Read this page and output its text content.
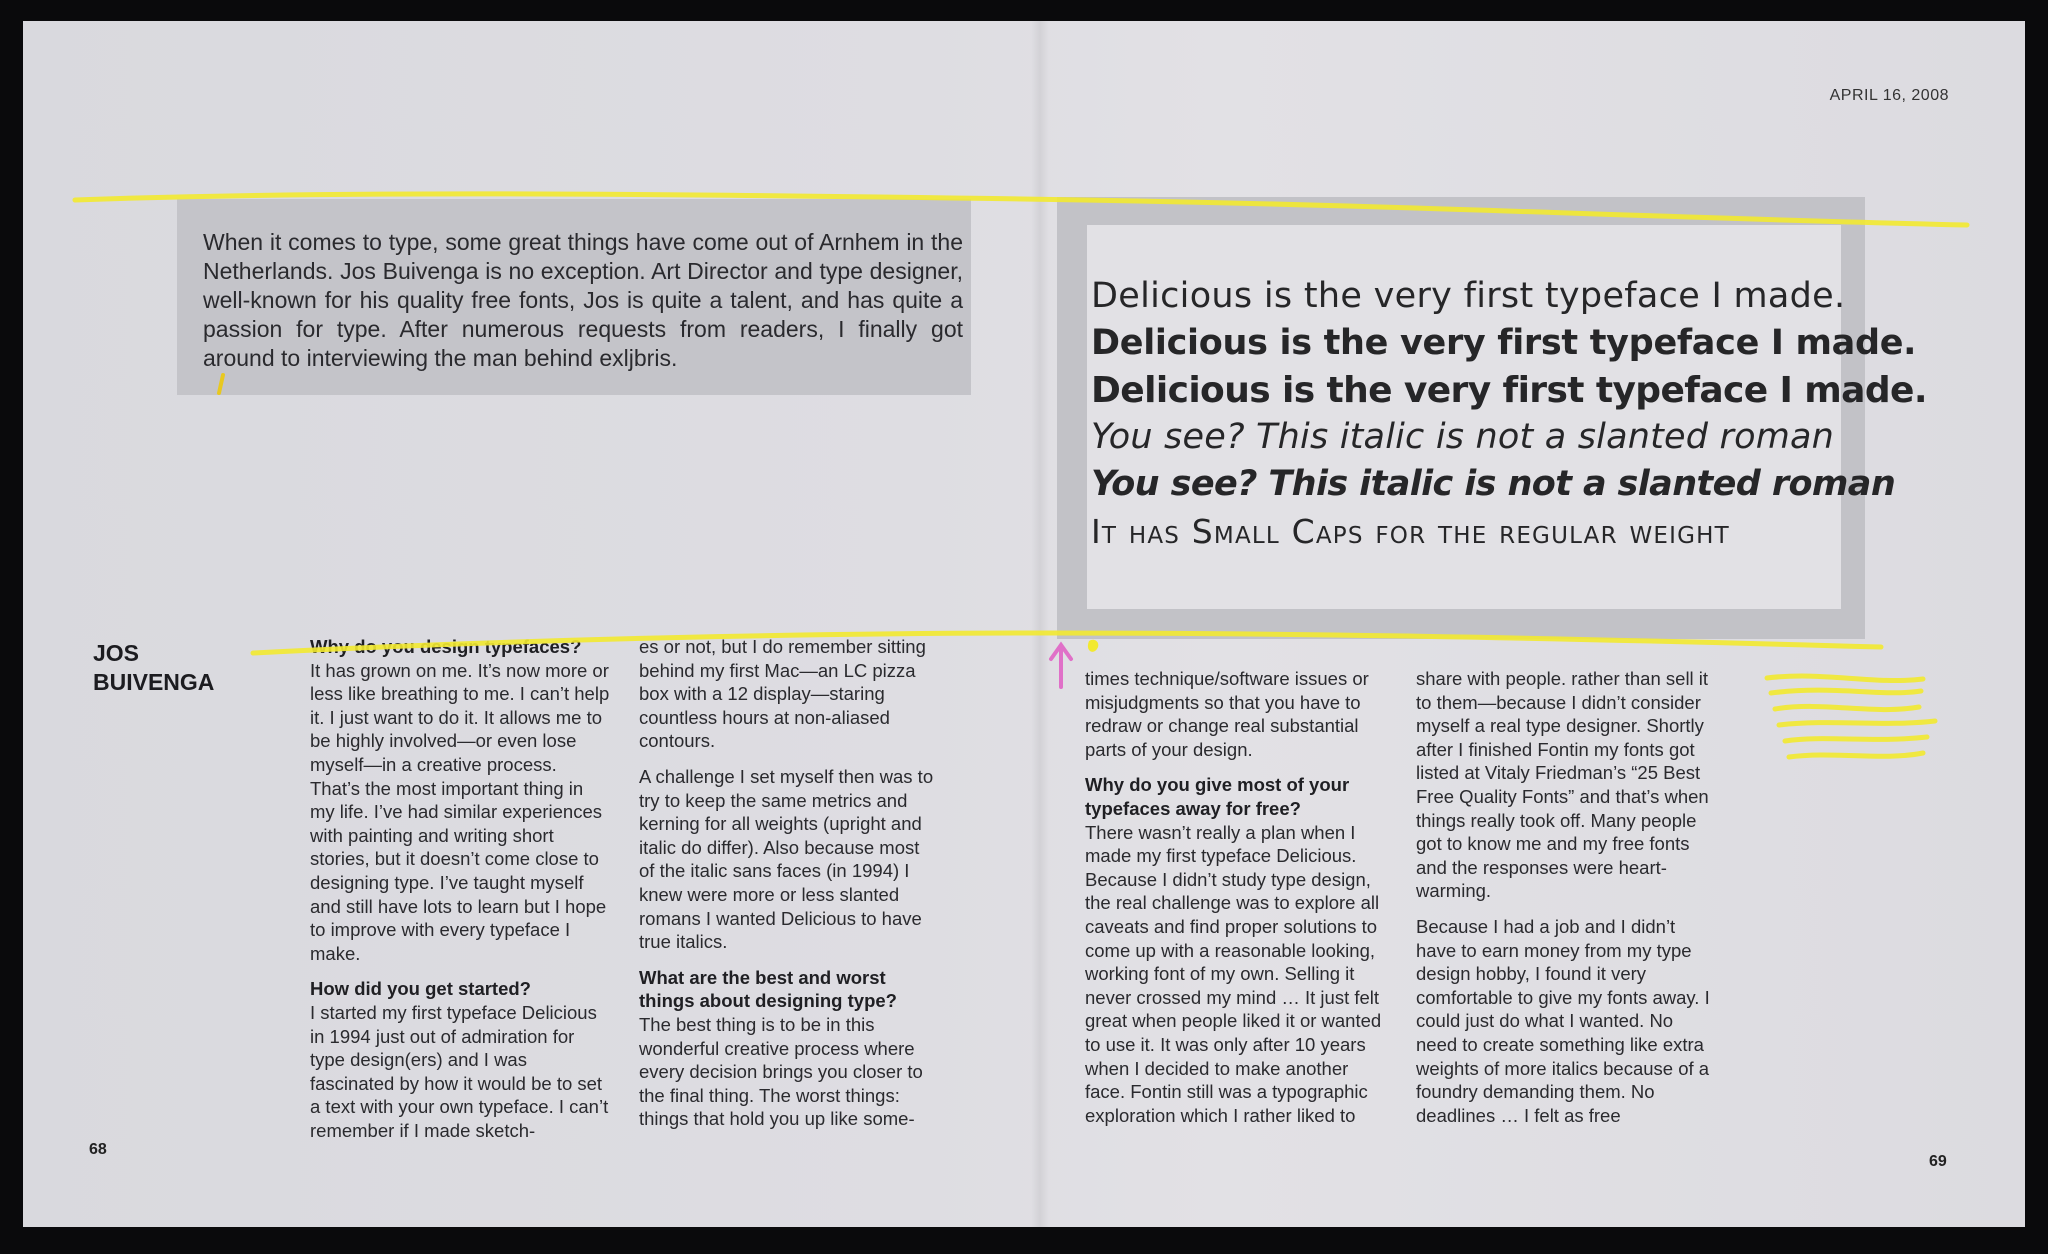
APRIL 16, 2008
When it comes to type, some great things have come out of Arnhem in the Netherlands. Jos Buivenga is no exception. Art Director and type designer, well-known for his quality free fonts, Jos is quite a talent, and has quite a passion for type. After numerous requests from readers, I finally got around to interviewing the man behind exljbris.
Delicious is the very first typeface I made.
Delicious is the very first typeface I made.
Delicious is the very first typeface I made.
You see? This italic is not a slanted roman
You see? This italic is not a slanted roman
It has Small Caps for the regular weight
JOS
BUIVENGA
Why do you design typefaces?

It has grown on me. It’s now more or less like breathing to me. I can’t help it. I just want to do it. It allows me to be highly involved—or even lose myself—in a creative process. That’s the most important thing in my life. I’ve had similar experiences with painting and writing short stories, but it doesn’t come close to designing type. I’ve taught myself and still have lots to learn but I hope to improve with every typeface I make.

How did you get started?

I started my first typeface Delicious in 1994 just out of admiration for type design(ers) and I was fascinated by how it would be to set a text with your own typeface. I can’t remember if I made sketch-

es or not, but I do remember sitting behind my first Mac—an LC pizza box with a 12 display—staring countless hours at non-aliased contours.

A challenge I set myself then was to try to keep the same metrics and kerning for all weights (upright and italic do differ). Also because most of the italic sans faces (in 1994) I knew were more or less slanted romans I wanted Delicious to have true italics.

What are the best and worst things about designing type?

The best thing is to be in this wonderful creative process where every decision brings you closer to the final thing. The worst things: things that hold you up like some-

times technique/software issues or misjudgments so that you have to redraw or change real substantial parts of your design.

Why do you give most of your typefaces away for free?

There wasn’t really a plan when I made my first typeface Delicious. Because I didn’t study type design, the real challenge was to explore all caveats and find proper solutions to come up with a reasonable looking, working font of my own. Selling it never crossed my mind … It just felt great when people liked it or wanted to use it. It was only after 10 years when I decided to make another face. Fontin still was a typographic exploration which I rather liked to

share with people. rather than sell it to them—because I didn’t consider myself a real type designer. Shortly after I finished Fontin my fonts got listed at Vitaly Friedman’s “25 Best Free Quality Fonts” and that’s when things really took off. Many people got to know me and my free fonts and the responses were heart-warming.

Because I had a job and I didn’t have to earn money from my type design hobby, I found it very comfortable to give my fonts away. I could just do what I wanted. No need to create something like extra weights of more italics because of a foundry demanding them. No deadlines … I felt as free

68
69
